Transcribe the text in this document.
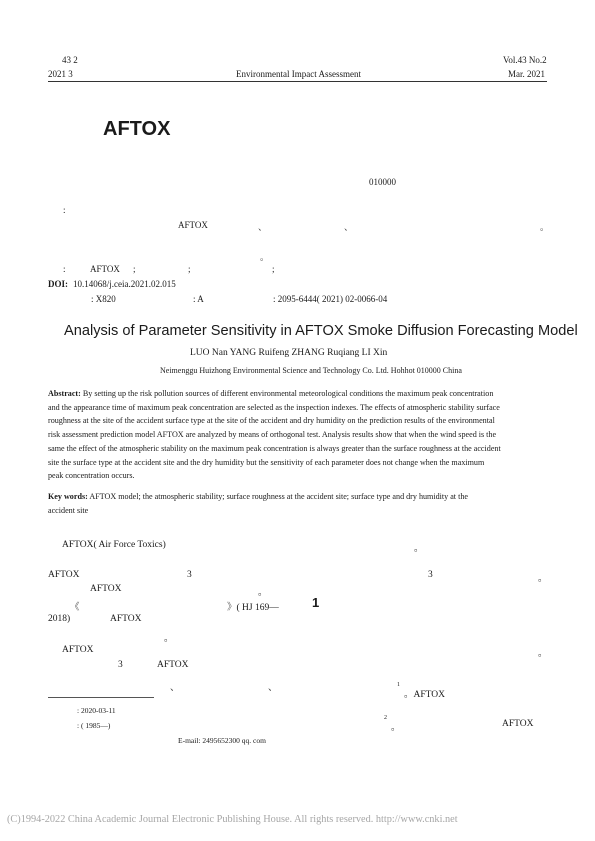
43 2
2021 3	Environmental Impact Assessment
Vol.43 No.2
Mar. 2021
AFTOX
010000
:
AFTOX	、	、	。
。
:	AFTOX ;	;	;
DOI: 10.14068/j.ceia.2021.02.015
: X820	: A	: 2095-6444( 2021) 02-0066-04
Analysis of Parameter Sensitivity in AFTOX Smoke Diffusion Forecasting Model
LUO Nan YANG Ruifeng ZHANG Ruqiang LI Xin
Neimenggu Huizhong Environmental Science and Technology Co. Ltd. Hohhot 010000 China
Abstract: By setting up the risk pollution sources of different environmental meteorological conditions the maximum peak concentration
and the appearance time of maximum peak concentration are selected as the inspection indexes. The effects of atmospheric stability surface
roughness at the site of the accident surface type at the site of the accident and dry humidity on the prediction results of the environmental
risk assessment prediction model AFTOX are analyzed by means of orthogonal test. Analysis results show that when the wind speed is the
same the effect of the atmospheric stability on the maximum peak concentration is always greater than the surface roughness at the accident
site the surface type at the accident site and the dry humidity but the sensitivity of each parameter does not change when the maximum
peak concentration occurs.
Key words: AFTOX model; the atmospheric stability; surface roughness at the accident site; surface type and dry humidity at the
accident site
AFTOX( Air Force Toxics)	。
AFTOX	3	3	。
AFTOX	。
《	》( HJ 169—	1
2018)	AFTOX
。
AFTOX	。
3	AFTOX
、	、	1
。AFTOX
: 2020-03-11
: ( 1985—)
E-mail: 2495652300 qq. com
2
。	AFTOX
(C)1994-2022 China Academic Journal Electronic Publishing House. All rights reserved. http://www.cnki.net
